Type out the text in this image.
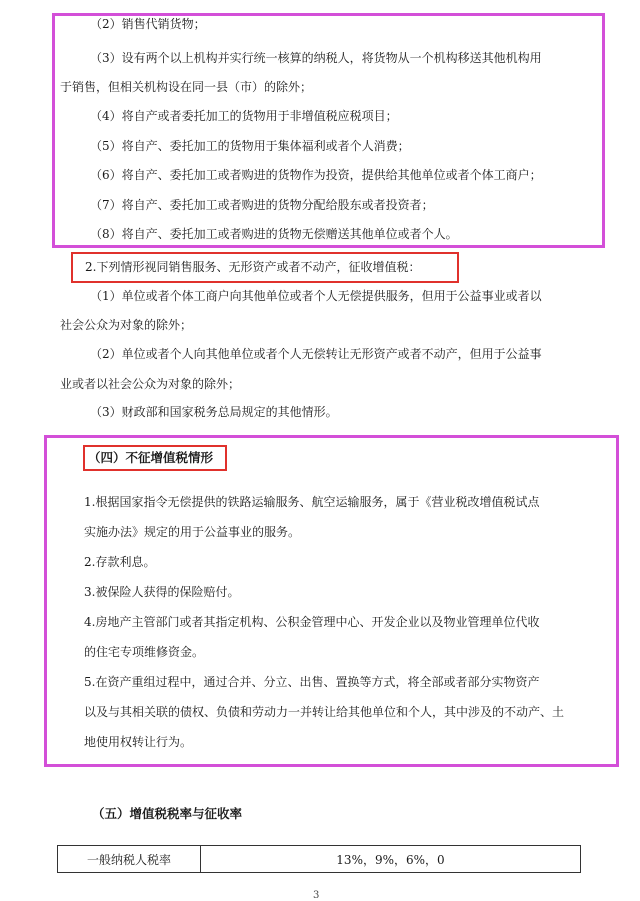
（2）销售代销货物；
（3）设有两个以上机构并实行统一核算的纳税人，将货物从一个机构移送其他机构用
于销售，但相关机构设在同一县（市）的除外；
（4）将自产或者委托加工的货物用于非增值税应税项目；
（5）将自产、委托加工的货物用于集体福利或者个人消费；
（6）将自产、委托加工或者购进的货物作为投资，提供给其他单位或者个体工商户；
（7）将自产、委托加工或者购进的货物分配给股东或者投资者；
（8）将自产、委托加工或者购进的货物无偿赠送其他单位或者个人。
2.下列情形视同销售服务、无形资产或者不动产，征收增值税：
（1）单位或者个体工商户向其他单位或者个人无偿提供服务，但用于公益事业或者以
社会公众为对象的除外；
（2）单位或者个人向其他单位或者个人无偿转让无形资产或者不动产，但用于公益事
业或者以社会公众为对象的除外；
（3）财政部和国家税务总局规定的其他情形。
（四）不征增值税情形
1.根据国家指令无偿提供的铁路运输服务、航空运输服务，属于《营业税改增值税试点
实施办法》规定的用于公益事业的服务。
2.存款利息。
3.被保险人获得的保险赔付。
4.房地产主管部门或者其指定机构、公积金管理中心、开发企业以及物业管理单位代收
的住宅专项维修资金。
5.在资产重组过程中，通过合并、分立、出售、置换等方式，将全部或者部分实物资产
以及与其相关联的债权、负债和劳动力一并转让给其他单位和个人，其中涉及的不动产、土
地使用权转让行为。
（五）增值税税率与征收率
一般纳税人税率	13%，9%，6%，0
3
